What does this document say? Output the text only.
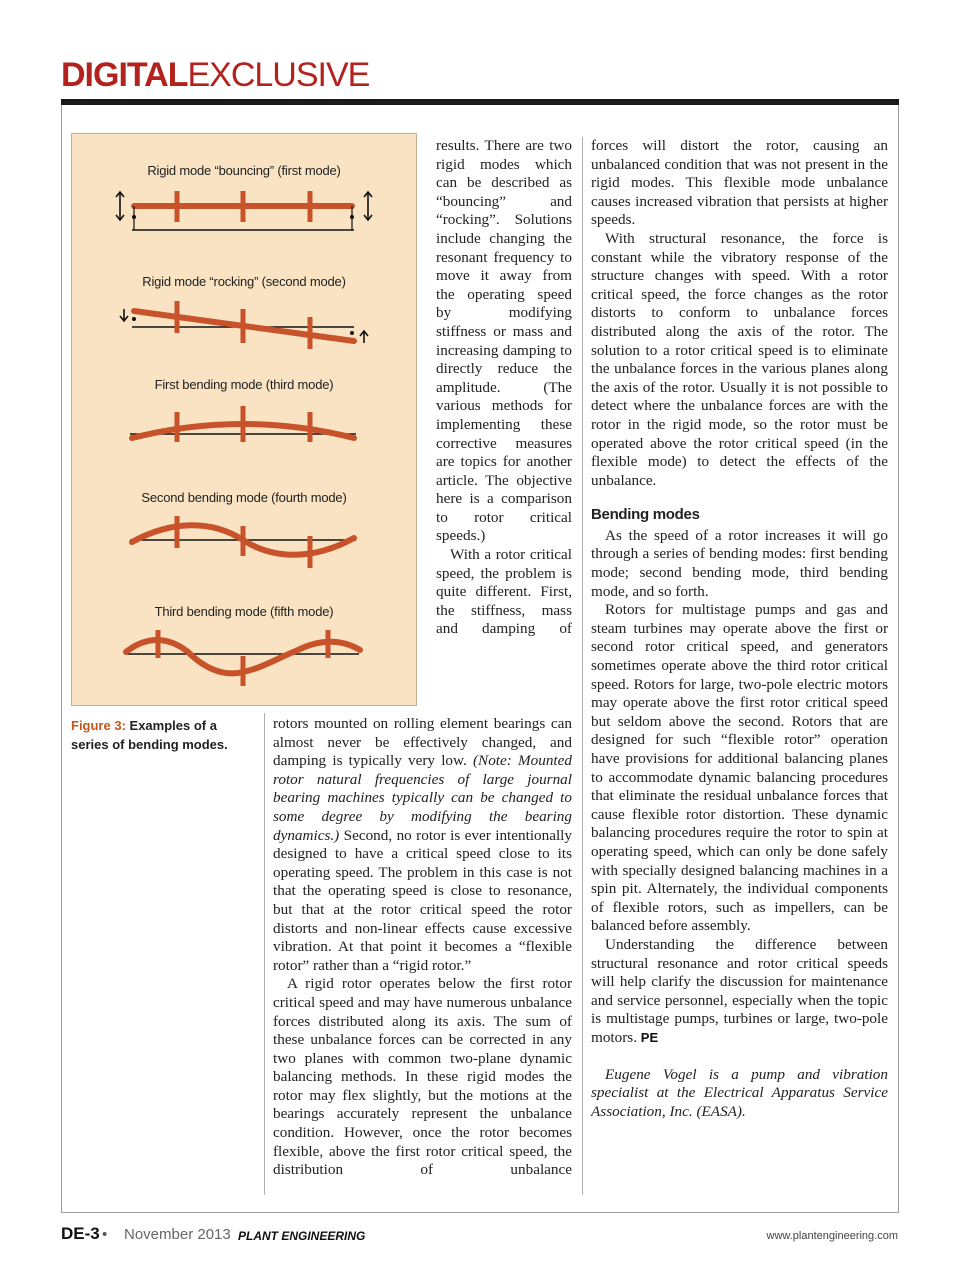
DIGITALEXCLUSIVE
Rigid mode “bouncing” (first mode)
Rigid mode “rocking” (second mode)
First bending mode (third mode)
Second bending mode (fourth mode)
Third bending mode (fifth mode)
Figure 3: Examples of a series of bending modes.

results. There are two rigid modes which can be described as “bouncing” and “rocking”. Solutions include changing the resonant frequency to move it away from the operating speed by modifying stiffness or mass and increasing damping to directly reduce the amplitude. (The various methods for implementing these corrective measures are topics for another article. The objective here is a comparison to rotor critical speeds.)

With a rotor critical speed, the problem is quite different. First, the stiffness, mass and damping of

rotors mounted on rolling element bearings can almost never be effectively changed, and damping is typically very low. (Note: Mounted rotor natural frequencies of large journal bearing machines typically can be changed to some degree by modifying the bearing dynamics.) Second, no rotor is ever intentionally designed to have a critical speed close to its operating speed. The problem in this case is not that the operating speed is close to resonance, but that at the rotor critical speed the rotor distorts and non-linear effects cause excessive vibration. At that point it becomes a “flexible rotor” rather than a “rigid rotor.”

A rigid rotor operates below the first rotor critical speed and may have numerous unbalance forces distributed along its axis. The sum of these unbalance forces can be corrected in any two planes with common two-plane dynamic balancing methods. In these rigid modes the rotor may flex slightly, but the motions at the bearings accurately represent the unbalance condition. However, once the rotor becomes flexible, above the first rotor critical speed, the distribution of unbalance

forces will distort the rotor, causing an unbalanced condition that was not present in the rigid modes. This flexible mode unbalance causes increased vibration that persists at higher speeds.

With structural resonance, the force is constant while the vibratory response of the structure changes with speed. With a rotor critical speed, the force changes as the rotor distorts to conform to unbalance forces distributed along the axis of the rotor. The solution to a rotor critical speed is to eliminate the unbalance forces in the various planes along the axis of the rotor. Usually it is not possible to detect where the unbalance forces are with the rotor in the rigid mode, so the rotor must be operated above the rotor critical speed (in the flexible mode) to detect the effects of the unbalance.

Bending modes

As the speed of a rotor increases it will go through a series of bending modes: first bending mode; second bending mode, third bending mode, and so forth.

Rotors for multistage pumps and gas and steam turbines may operate above the first or second rotor critical speed, and generators sometimes operate above the third rotor critical speed. Rotors for large, two-pole electric motors may operate above the first rotor critical speed but seldom above the second. Rotors that are designed for such “flexible rotor” operation have provisions for additional balancing planes to accommodate dynamic balancing procedures that eliminate the residual unbalance forces that cause flexible rotor distortion. These dynamic balancing procedures require the rotor to spin at operating speed, which can only be done safely with specially designed balancing machines in a spin pit. Alternately, the individual components of flexible rotors, such as impellers, can be balanced before assembly.

Understanding the difference between structural resonance and rotor critical speeds will help clarify the discussion for maintenance and service personnel, especially when the topic is multistage pumps, turbines or large, two-pole motors. PE

Eugene Vogel is a pump and vibration specialist at the Electrical Apparatus Service Association, Inc. (EASA).

DE-3 • November 2013 PLANT ENGINEERING	www.plantengineering.com
